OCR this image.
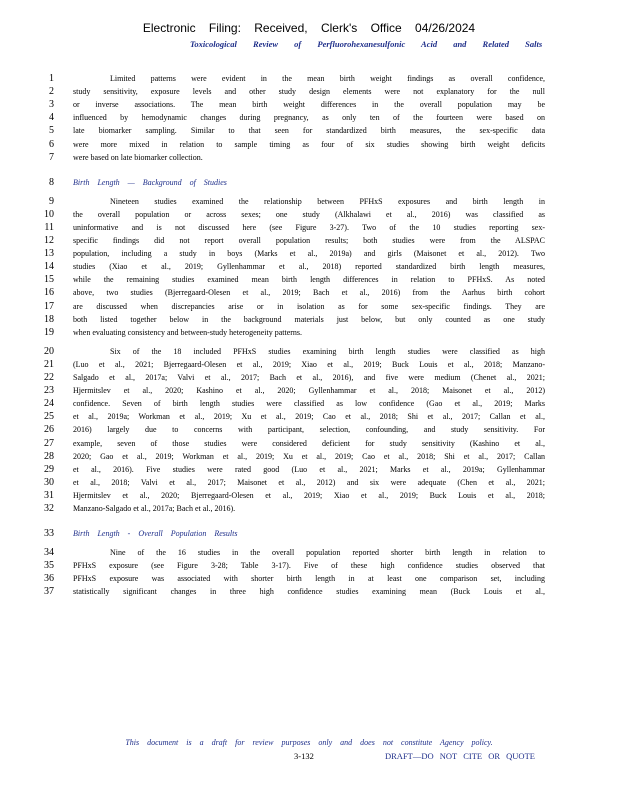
Electronic Filing: Received, Clerk's Office 04/26/2024
Toxicological Review of Perfluorohexanesulfonic Acid and Related Salts
1	Limited patterns were evident in the mean birth weight findings as overall confidence,
2 study sensitivity, exposure levels and other study design elements were not explanatory for the null
3 or inverse associations. The mean birth weight differences in the overall population may be
4 influenced by hemodynamic changes during pregnancy, as only ten of the fourteen were based on
5 late biomarker sampling. Similar to that seen for standardized birth measures, the sex-specific data
6 were more mixed in relation to sample timing as four of six studies showing birth weight deficits
7 were based on late biomarker collection.
8 Birth Length — Background of Studies
9	Nineteen studies examined the relationship between PFHxS exposures and birth length in
10 the overall population or across sexes; one study (Alkhalawi et al., 2016) was classified as
11 uninformative and is not discussed here (see Figure 3-27). Two of the 10 studies reporting sex-
12 specific findings did not report overall population results; both studies were from the ALSPAC
13 population, including a study in boys (Marks et al., 2019a) and girls (Maisonet et al., 2012). Two
14 studies (Xiao et al., 2019; Gyllenhammar et al., 2018) reported standardized birth length measures,
15 while the remaining studies examined mean birth length differences in relation to PFHxS. As noted
16 above, two studies (Bjerregaard-Olesen et al., 2019; Bach et al., 2016) from the Aarhus birth cohort
17 are discussed when discrepancies arise or in isolation as for some sex-specific findings. They are
18 both listed together below in the background materials just below, but only counted as one study
19 when evaluating consistency and between-study heterogeneity patterns.
20	Six of the 18 included PFHxS studies examining birth length studies were classified as high
21 (Luo et al., 2021; Bjerregaard-Olesen et al., 2019; Xiao et al., 2019; Buck Louis et al., 2018; Manzano-
22 Salgado et al., 2017a; Valvi et al., 2017; Bach et al., 2016), and five were medium (Chenet al., 2021;
23 Hjermitslev et al., 2020; Kashino et al., 2020; Gyllenhammar et al., 2018; Maisonet et al., 2012)
24 confidence. Seven of birth length studies were classified as low confidence (Gao et al., 2019; Marks
25 et al., 2019a; Workman et al., 2019; Xu et al., 2019; Cao et al., 2018; Shi et al., 2017; Callan et al.,
26 2016) largely due to concerns with participant, selection, confounding, and study sensitivity. For
27 example, seven of those studies were considered deficient for study sensitivity (Kashino et al.,
28 2020; Gao et al., 2019; Workman et al., 2019; Xu et al., 2019; Cao et al., 2018; Shi et al., 2017; Callan
29 et al., 2016). Five studies were rated good (Luo et al., 2021; Marks et al., 2019a; Gyllenhammar
30 et al., 2018; Valvi et al., 2017; Maisonet et al., 2012) and six were adequate (Chen et al., 2021;
31 Hjermitslev et al., 2020; Bjerregaard-Olesen et al., 2019; Xiao et al., 2019; Buck Louis et al., 2018;
32 Manzano-Salgado et al., 2017a; Bach et al., 2016).
33 Birth Length - Overall Population Results
34	Nine of the 16 studies in the overall population reported shorter birth length in relation to
35 PFHxS exposure (see Figure 3-28; Table 3-17). Five of these high confidence studies observed that
36 PFHxS exposure was associated with shorter birth length in at least one comparison set, including
37 statistically significant changes in three high confidence studies examining mean (Buck Louis et al.,
This document is a draft for review purposes only and does not constitute Agency policy.
3-132	DRAFT—DO NOT CITE OR QUOTE
